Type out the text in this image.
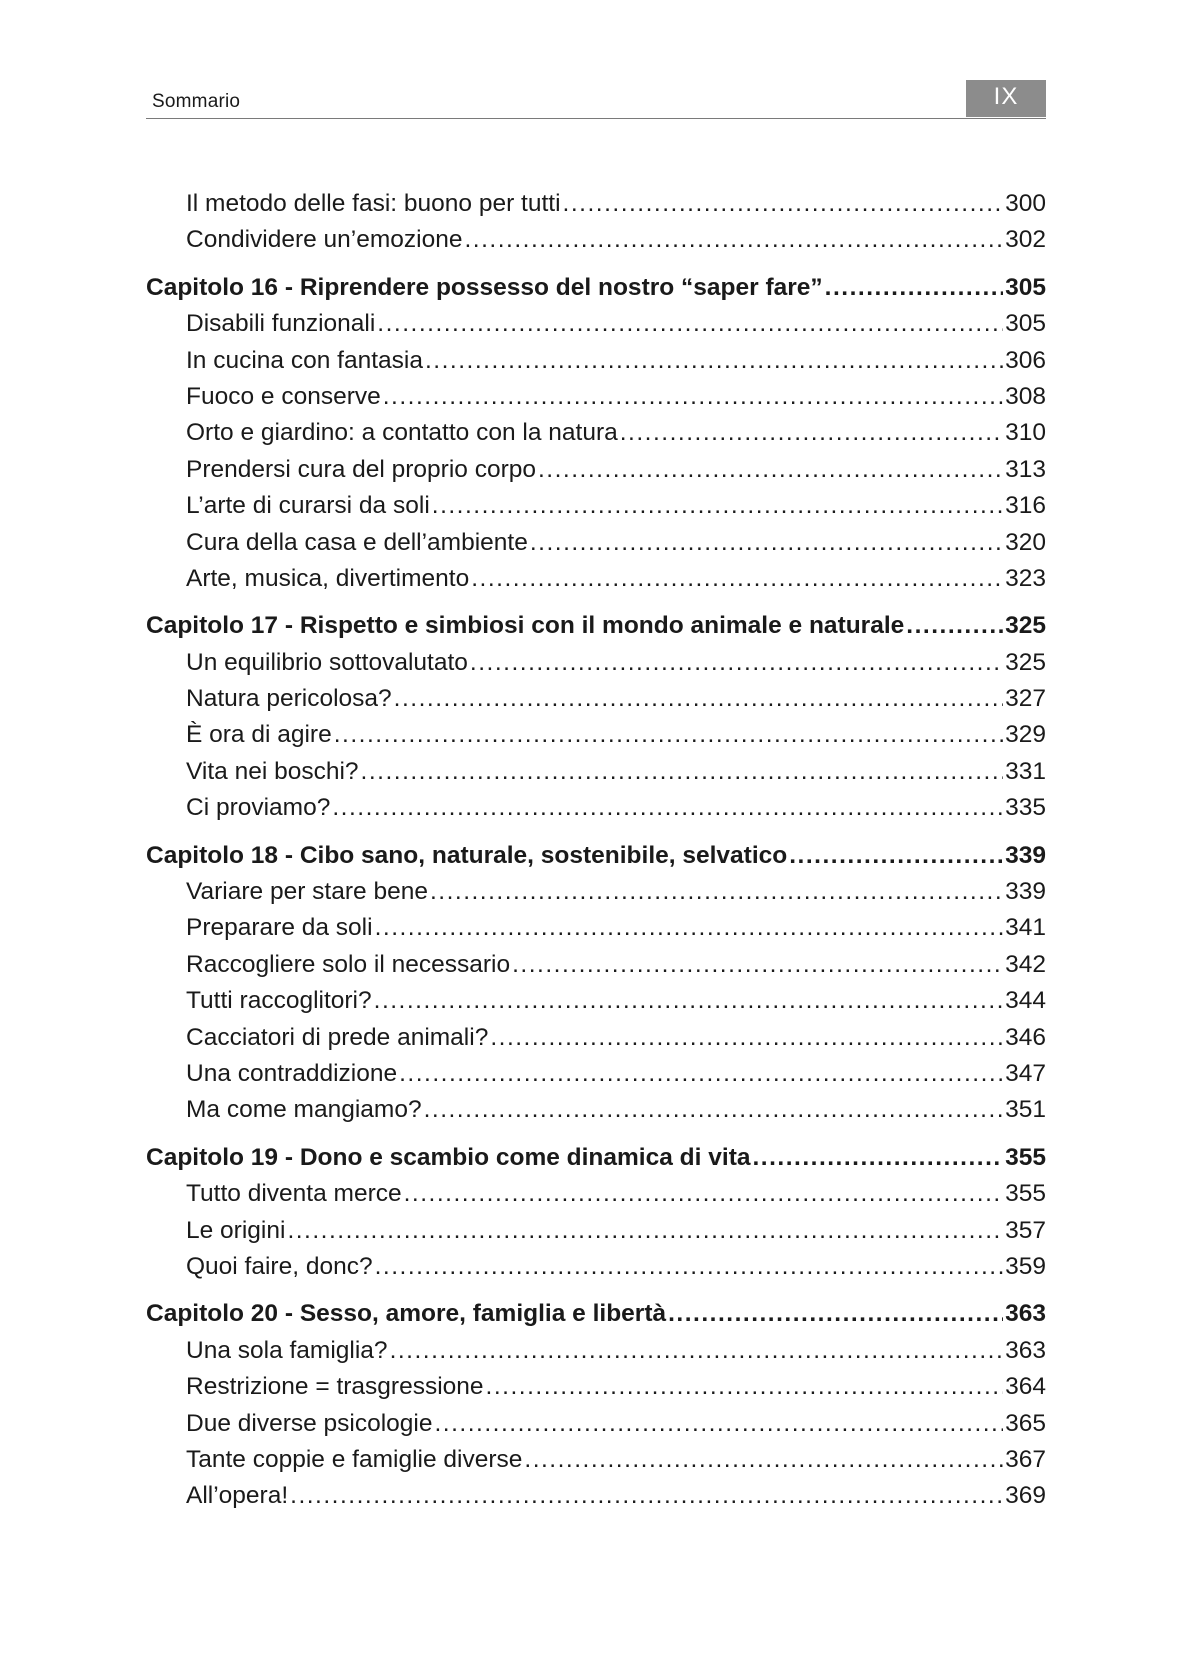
Sommario	IX
Il metodo delle fasi: buono per tutti .....	300
Condividere un’emozione .....	302
Capitolo 16 - Riprendere possesso del nostro “saper fare” .....	305
Disabili funzionali .....	305
In cucina con fantasia .....	306
Fuoco e conserve .....	308
Orto e giardino: a contatto con la natura .....	310
Prendersi cura del proprio corpo .....	313
L’arte di curarsi da soli .....	316
Cura della casa e dell’ambiente .....	320
Arte, musica, divertimento .....	323
Capitolo 17 - Rispetto e simbiosi con il mondo animale e naturale .....	325
Un equilibrio sottovalutato .....	325
Natura pericolosa? .....	327
È ora di agire .....	329
Vita nei boschi? .....	331
Ci proviamo? .....	335
Capitolo 18 - Cibo sano, naturale, sostenibile, selvatico .....	339
Variare per stare bene .....	339
Preparare da soli .....	341
Raccogliere solo il necessario .....	342
Tutti raccoglitori? .....	344
Cacciatori di prede animali? .....	346
Una contraddizione .....	347
Ma come mangiamo? .....	351
Capitolo 19 - Dono e scambio come dinamica di vita .....	355
Tutto diventa merce .....	355
Le origini .....	357
Quoi faire, donc? .....	359
Capitolo 20 - Sesso, amore, famiglia e libertà .....	363
Una sola famiglia? .....	363
Restrizione = trasgressione .....	364
Due diverse psicologie .....	365
Tante coppie e famiglie diverse .....	367
All’opera! .....	369
